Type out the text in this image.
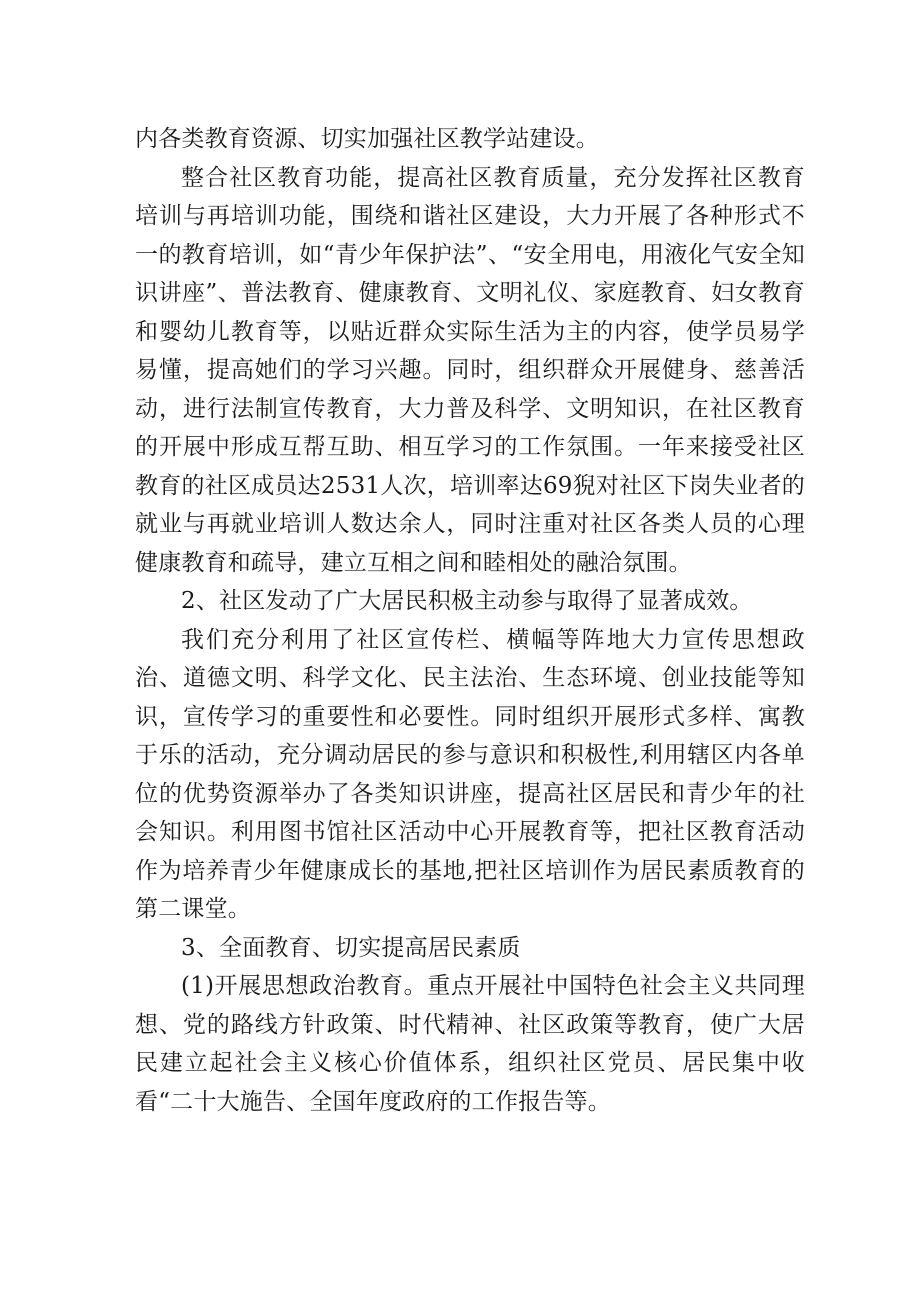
内各类教育资源、切实加强社区教学站建设。

整合社区教育功能，提高社区教育质量，充分发挥社区教育培训与再培训功能，围绕和谐社区建设，大力开展了各种形式不一的教育培训，如“青少年保护法”、“安全用电，用液化气安全知识讲座”、普法教育、健康教育、文明礼仪、家庭教育、妇女教育和婴幼儿教育等，以贴近群众实际生活为主的内容，使学员易学易懂，提高她们的学习兴趣。同时，组织群众开展健身、慈善活动，进行法制宣传教育，大力普及科学、文明知识，在社区教育的开展中形成互帮互助、相互学习的工作氛围。一年来接受社区教育的社区成员达2531人次，培训率达69猊对社区下岗失业者的就业与再就业培训人数达余人，同时注重对社区各类人员的心理健康教育和疏导，建立互相之间和睦相处的融洽氛围。

2、社区发动了广大居民积极主动参与取得了显著成效。

我们充分利用了社区宣传栏、横幅等阵地大力宣传思想政治、道德文明、科学文化、民主法治、生态环境、创业技能等知识，宣传学习的重要性和必要性。同时组织开展形式多样、寓教于乐的活动，充分调动居民的参与意识和积极性,利用辖区内各单位的优势资源举办了各类知识讲座，提高社区居民和青少年的社会知识。利用图书馆社区活动中心开展教育等，把社区教育活动作为培养青少年健康成长的基地,把社区培训作为居民素质教育的第二课堂。

3、全面教育、切实提高居民素质

(1)开展思想政治教育。重点开展社中国特色社会主义共同理想、党的路线方针政策、时代精神、社区政策等教育，使广大居民建立起社会主义核心价值体系，组织社区党员、居民集中收看“二十大施告、全国年度政府的工作报告等。
